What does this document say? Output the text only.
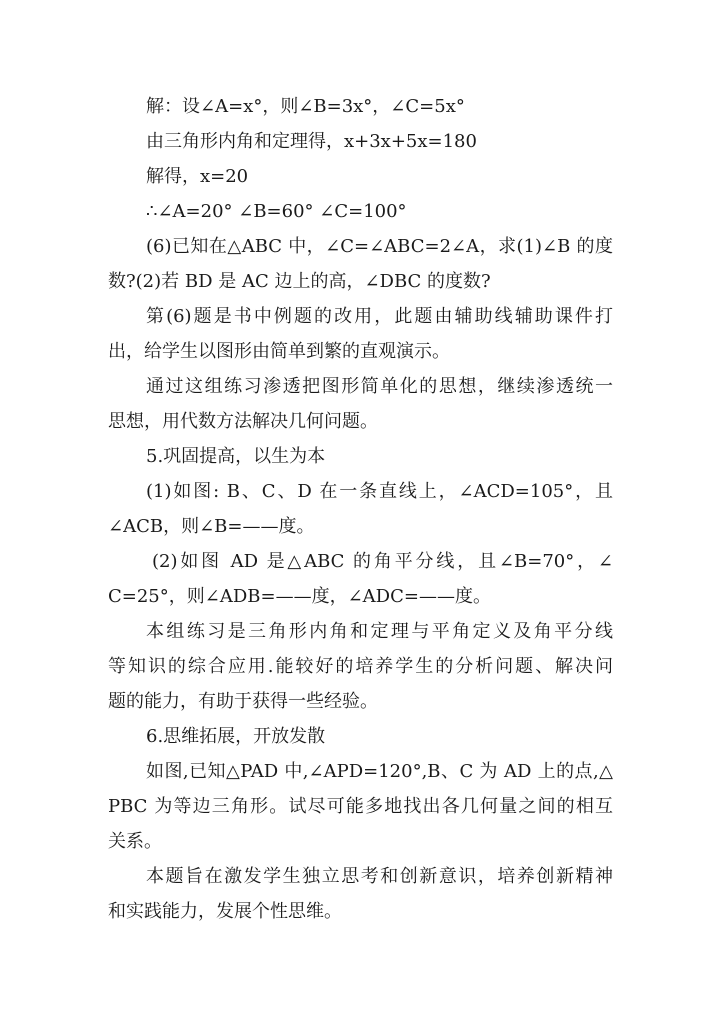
解：设∠A=x°，则∠B=3x°，∠C=5x°
由三角形内角和定理得，x+3x+5x=180
解得，x=20
∴∠A=20° ∠B=60° ∠C=100°
(6)已知在△ABC 中，∠C=∠ABC=2∠A，求(1)∠B 的度
数?(2)若 BD 是 AC 边上的高，∠DBC 的度数?
第(6)题是书中例题的改用，此题由辅助线辅助课件打
出，给学生以图形由简单到繁的直观演示。
通过这组练习渗透把图形简单化的思想，继续渗透统一
思想，用代数方法解决几何问题。
5.巩固提高，以生为本
(1)如图: B、C、D 在一条直线上，∠ACD=105°，且
∠ACB，则∠B=——度。
(2)如图 AD 是△ABC 的角平分线，且∠B=70°，∠
C=25°，则∠ADB=——度，∠ADC=——度。
本组练习是三角形内角和定理与平角定义及角平分线
等知识的综合应用.能较好的培养学生的分析问题、解决问
题的能力，有助于获得一些经验。
6.思维拓展，开放发散
如图,已知△PAD 中,∠APD=120°,B、C 为 AD 上的点,△
PBC 为等边三角形。试尽可能多地找出各几何量之间的相互
关系。
本题旨在激发学生独立思考和创新意识，培养创新精神
和实践能力，发展个性思维。
